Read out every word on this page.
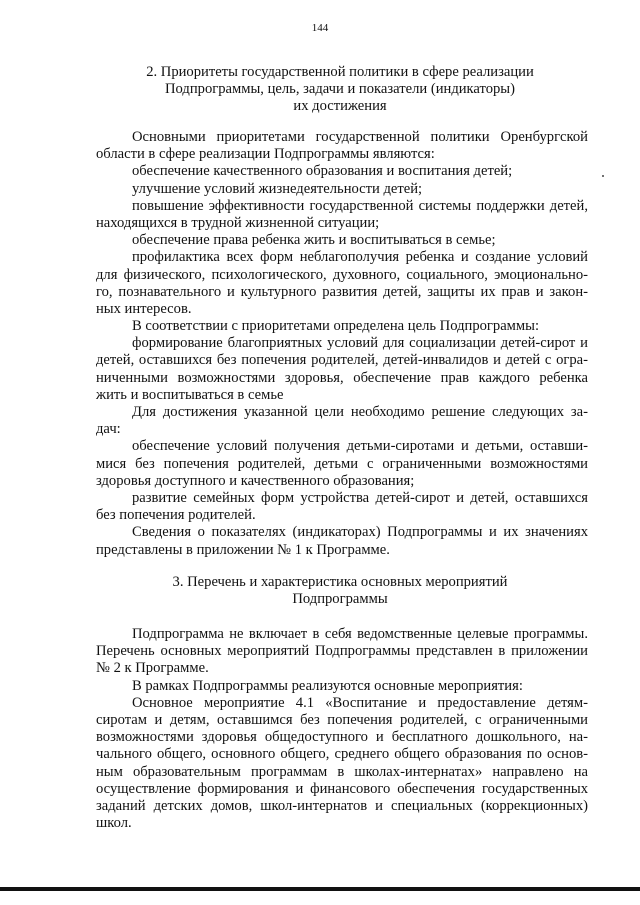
144
2. Приоритеты государственной политики в сфере реализации
Подпрограммы, цель, задачи и показатели (индикаторы)
их достижения
Основными приоритетами государственной политики Оренбургской
области в сфере реализации Подпрограммы являются:
обеспечение качественного образования и воспитания детей;
улучшение условий жизнедеятельности детей;
повышение эффективности государственной системы поддержки детей,
находящихся в трудной жизненной ситуации;
обеспечение права ребенка жить и воспитываться в семье;
профилактика всех форм неблагополучия ребенка и создание условий
для физического, психологического, духовного, социального, эмоционально-
го, познавательного и культурного развития детей, защиты их прав и закон-
ных интересов.
В соответствии с приоритетами определена цель Подпрограммы:
формирование благоприятных условий для социализации детей-сирот и
детей, оставшихся без попечения родителей, детей-инвалидов и детей с огра-
ниченными возможностями здоровья, обеспечение прав каждого ребенка
жить и воспитываться в семье
Для достижения указанной цели необходимо решение следующих за-
дач:
обеспечение условий получения детьми-сиротами и детьми, оставши-
мися без попечения родителей, детьми с ограниченными возможностями
здоровья доступного и качественного образования;
развитие семейных форм устройства детей-сирот и детей, оставшихся
без попечения родителей.
Сведения о показателях (индикаторах) Подпрограммы и их значениях
представлены в приложении № 1 к Программе.
3. Перечень и характеристика основных мероприятий
Подпрограммы
Подпрограмма не включает в себя ведомственные целевые программы.
Перечень основных мероприятий Подпрограммы представлен в приложении
№ 2 к Программе.
В рамках Подпрограммы реализуются основные мероприятия:
Основное мероприятие 4.1 «Воспитание и предоставление детям-
сиротам и детям, оставшимся без попечения родителей, с ограниченными
возможностями здоровья общедоступного и бесплатного дошкольного, на-
чального общего, основного общего, среднего общего образования по основ-
ным образовательным программам в школах-интернатах» направлено на
осуществление формирования и финансового обеспечения государственных
заданий детских домов, школ-интернатов и специальных (коррекционных)
школ.
